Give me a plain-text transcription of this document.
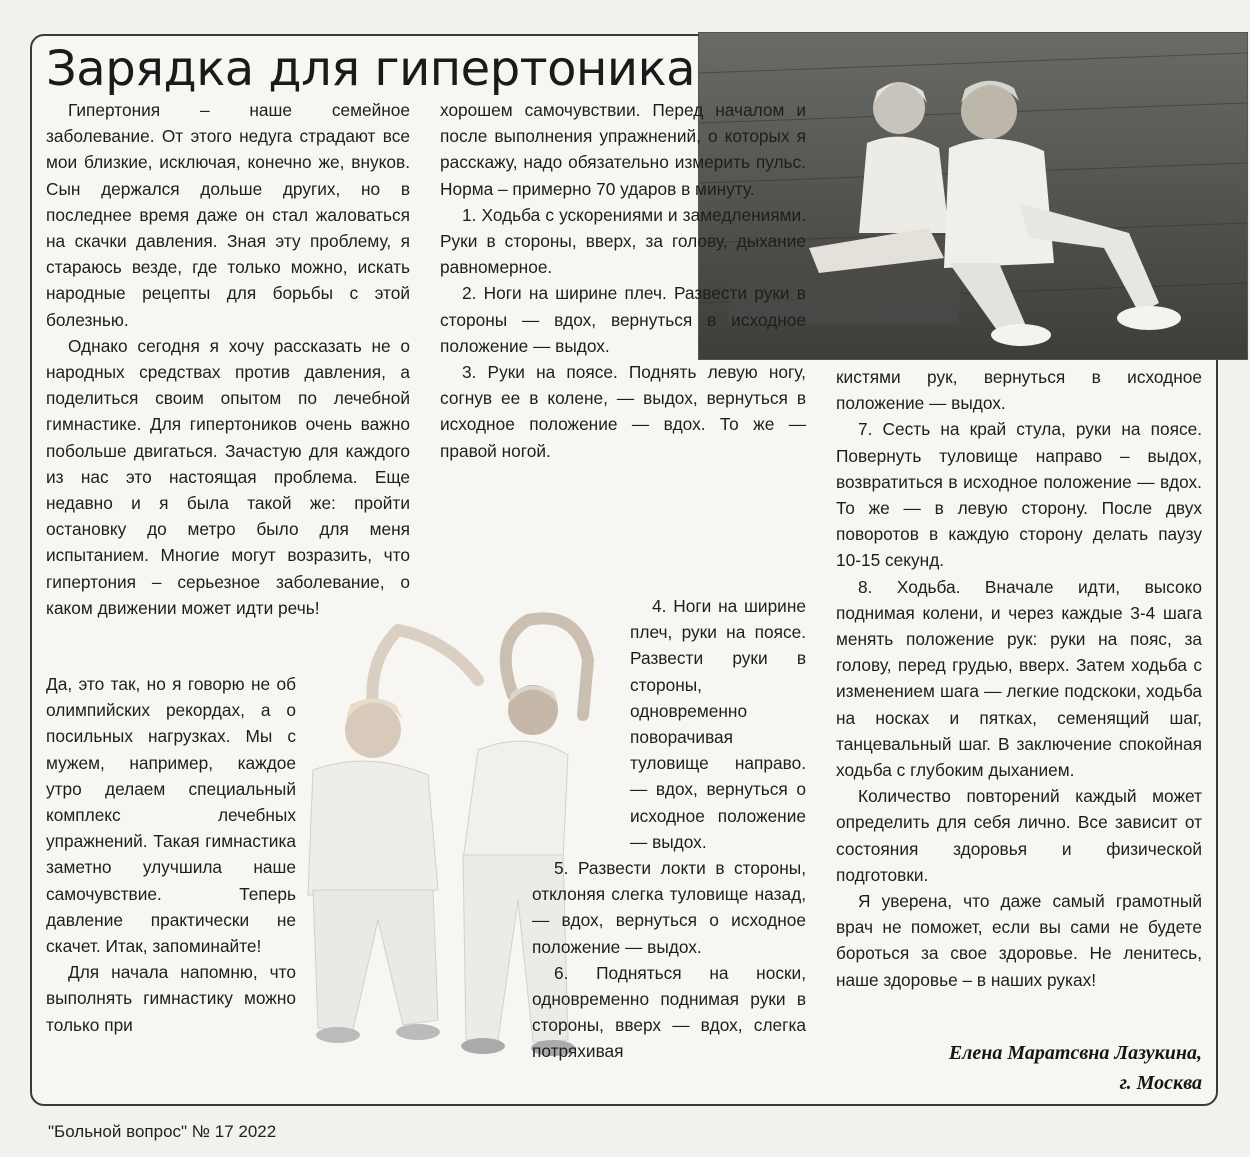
Зарядка для гипертоника

Гипертония – наше семейное заболевание. От этого недуга страдают все мои близкие, исключая, конечно же, внуков. Сын держался дольше других, но в последнее время даже он стал жаловаться на скачки давления. Зная эту проблему, я стараюсь везде, где только можно, искать народные рецепты для борьбы с этой болезнью.

Однако сегодня я хочу рассказать не о народных средствах против давления, а поделиться своим опытом по лечебной гимнастике. Для гипертоников очень важно побольше двигаться. Зачастую для каждого из нас это настоящая проблема. Еще недавно и я была такой же: пройти остановку до метро было для меня испытанием. Многие могут возразить, что гипертония – серьезное заболевание, о каком движении может идти речь!

Да, это так, но я говорю не об олимпийских рекордах, а о посильных нагрузках. Мы с мужем, например, каждое утро делаем специальный комплекс лечебных упражнений. Такая гимнастика заметно улучшила наше самочувствие. Теперь давление практически не скачет. Итак, запоминайте!

Для начала напомню, что выполнять гимнастику можно только при

хорошем самочувствии. Перед началом и после выполнения упражнений, о которых я расскажу, надо обязательно измерить пульс. Норма – примерно 70 ударов в минуту.

1. Ходьба с ускорениями и замедлениями. Руки в стороны, вверх, за голову, дыхание равномерное.

2. Ноги на ширине плеч. Развести руки в стороны — вдох, вернуться в исходное положение — выдох.

3. Руки на поясе. Поднять левую ногу, согнув ее в колене, — выдох, вернуться в исходное положение — вдох. То же — правой ногой.

4. Ноги на ширине плеч, руки на поясе. Развести руки в стороны, одновременно поворачивая туловище направо. — вдох, вернуться о исходное положение — выдох.

5. Развести локти в стороны, отклоняя слегка туловище назад, — вдох, вернуться о исходное положение — выдох.

6. Подняться на носки, одновременно поднимая руки в стороны, вверх — вдох, слегка потряхивая

кистями рук, вернуться в исходное положение — выдох.

7. Сесть на край стула, руки на поясе. Повернуть туловище направо – выдох, возвратиться в исходное положение — вдох. То же — в левую сторону. После двух поворотов в каждую сторону делать паузу 10-15 секунд.

8. Ходьба. Вначале идти, высоко поднимая колени, и через каждые 3-4 шага менять положение рук: руки на пояс, за голову, перед грудью, вверх. Затем ходьба с изменением шага — легкие подскоки, ходьба на носках и пятках, семенящий шаг, танцевальный шаг. В заключение спокойная ходьба с глубоким дыханием.

Количество повторений каждый может определить для себя лично. Все зависит от состояния здоровья и физической подготовки.

Я уверена, что даже самый грамотный врач не поможет, если вы сами не будете бороться за свое здоровье. Не ленитесь, наше здоровье – в наших руках!

Елена Маратсвна Лазукина,
г. Москва

"Больной вопрос" № 17 2022
